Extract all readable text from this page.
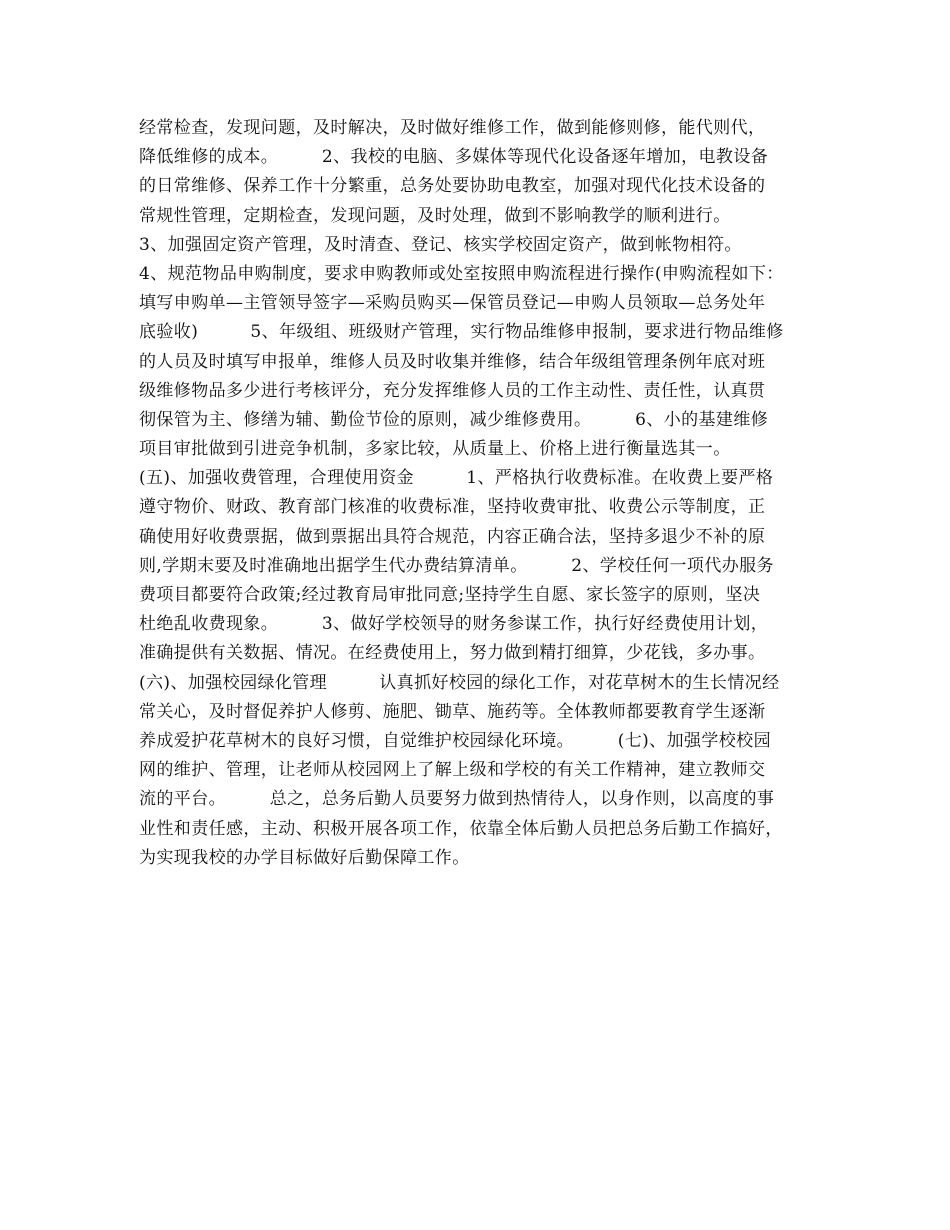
经常检查，发现问题，及时解决，及时做好维修工作，做到能修则修，能代则代，
降低维修的成本。　　　2、我校的电脑、多媒体等现代化设备逐年增加，电教设备
的日常维修、保养工作十分繁重，总务处要协助电教室，加强对现代化技术设备的
常规性管理，定期检查，发现问题，及时处理，做到不影响教学的顺利进行。
3、加强固定资产管理，及时清查、登记、核实学校固定资产，做到帐物相符。
4、规范物品申购制度，要求申购教师或处室按照申购流程进行操作(申购流程如下：
填写申购单—主管领导签字—采购员购买—保管员登记—申购人员领取—总务处年
底验收)　　　5、年级组、班级财产管理，实行物品维修申报制，要求进行物品维修
的人员及时填写申报单，维修人员及时收集并维修，结合年级组管理条例年底对班
级维修物品多少进行考核评分，充分发挥维修人员的工作主动性、责任性，认真贯
彻保管为主、修缮为辅、勤俭节俭的原则，减少维修费用。　　　6、小的基建维修
项目审批做到引进竞争机制，多家比较，从质量上、价格上进行衡量选其一。
(五)、加强收费管理，合理使用资金　　　1、严格执行收费标准。在收费上要严格
遵守物价、财政、教育部门核准的收费标准，坚持收费审批、收费公示等制度，正
确使用好收费票据，做到票据出具符合规范，内容正确合法，坚持多退少不补的原
则,学期末要及时准确地出据学生代办费结算清单。　　　2、学校任何一项代办服务
费项目都要符合政策;经过教育局审批同意;坚持学生自愿、家长签字的原则，坚决
杜绝乱收费现象。　　　3、做好学校领导的财务参谋工作，执行好经费使用计划，
准确提供有关数据、情况。在经费使用上，努力做到精打细算，少花钱，多办事。
(六)、加强校园绿化管理　　　认真抓好校园的绿化工作，对花草树木的生长情况经
常关心，及时督促养护人修剪、施肥、锄草、施药等。全体教师都要教育学生逐渐
养成爱护花草树木的良好习惯，自觉维护校园绿化环境。　　　(七)、加强学校校园
网的维护、管理，让老师从校园网上了解上级和学校的有关工作精神，建立教师交
流的平台。　　　总之，总务后勤人员要努力做到热情待人，以身作则，以高度的事
业性和责任感，主动、积极开展各项工作，依靠全体后勤人员把总务后勤工作搞好，
为实现我校的办学目标做好后勤保障工作。
